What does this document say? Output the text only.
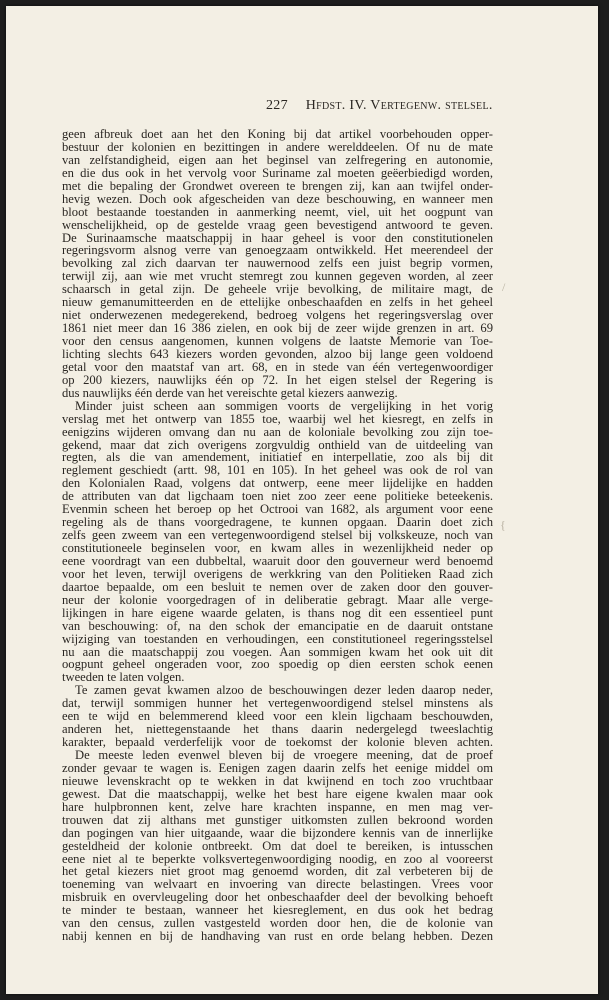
227 Hfdst. IV. Vertegenw. stelsel.
geen afbreuk doet aan het den Koning bij dat artikel voorbehouden opper-
bestuur der kolonien en bezittingen in andere werelddeelen. Of nu de mate
van zelfstandigheid, eigen aan het beginsel van zelfregering en autonomie,
en die dus ook in het vervolg voor Suriname zal moeten geëerbiedigd worden,
met die bepaling der Grondwet overeen te brengen zij, kan aan twijfel onder-
hevig wezen. Doch ook afgescheiden van deze beschouwing, en wanneer men
bloot bestaande toestanden in aanmerking neemt, viel, uit het oogpunt van
wenschelijkheid, op de gestelde vraag geen bevestigend antwoord te geven.
De Surinaamsche maatschappij in haar geheel is voor den constitutionelen
regeringsvorm alsnog verre van genoegzaam ontwikkeld. Het meerendeel der
bevolking zal zich daarvan ter nauwernood zelfs een juist begrip vormen,
terwijl zij, aan wie met vrucht stemregt zou kunnen gegeven worden, al zeer
schaarsch in getal zijn. De geheele vrije bevolking, de militaire magt, de
nieuw gemanumitteerden en de ettelijke onbeschaafden en zelfs in het geheel
niet onderwezenen medegerekend, bedroeg volgens het regeringsverslag over
1861 niet meer dan 16 386 zielen, en ook bij de zeer wijde grenzen in art. 69
voor den census aangenomen, kunnen volgens de laatste Memorie van Toe-
lichting slechts 643 kiezers worden gevonden, alzoo bij lange geen voldoend
getal voor den maatstaf van art. 68, en in stede van één vertegenwoordiger
op 200 kiezers, nauwlijks één op 72. In het eigen stelsel der Regering is
dus nauwlijks één derde van het vereischte getal kiezers aanwezig.
Minder juist scheen aan sommigen voorts de vergelijking in het vorig
verslag met het ontwerp van 1855 toe, waarbij wel het kiesregt, en zelfs in
eenigzins wijderen omvang dan nu aan de koloniale bevolking zou zijn toe-
gekend, maar dat zich overigens zorgvuldig onthield van de uitdeeling van
regten, als die van amendement, initiatief en interpellatie, zoo als bij dit
reglement geschiedt (artt. 98, 101 en 105). In het geheel was ook de rol van
den Kolonialen Raad, volgens dat ontwerp, eene meer lijdelijke en hadden
de attributen van dat ligchaam toen niet zoo zeer eene politieke beteekenis.
Evenmin scheen het beroep op het Octrooi van 1682, als argument voor eene
regeling als de thans voorgedragene, te kunnen opgaan. Daarin doet zich
zelfs geen zweem van een vertegenwoordigend stelsel bij volkskeuze, noch van
constitutioneele beginselen voor, en kwam alles in wezenlijkheid neder op
eene voordragt van een dubbeltal, waaruit door den gouverneur werd benoemd
voor het leven, terwijl overigens de werkkring van den Politieken Raad zich
daartoe bepaalde, om een besluit te nemen over de zaken door den gouver-
neur der kolonie voorgedragen of in deliberatie gebragt. Maar alle verge-
lijkingen in hare eigene waarde gelaten, is thans nog dit een essentieel punt
van beschouwing: of, na den schok der emancipatie en de daaruit ontstane
wijziging van toestanden en verhoudingen, een constitutioneel regeringsstelsel
nu aan die maatschappij zou voegen. Aan sommigen kwam het ook uit dit
oogpunt geheel ongeraden voor, zoo spoedig op dien eersten schok eenen
tweeden te laten volgen.
Te zamen gevat kwamen alzoo de beschouwingen dezer leden daarop neder,
dat, terwijl sommigen hunner het vertegenwoordigend stelsel minstens als
een te wijd en belemmerend kleed voor een klein ligchaam beschouwden,
anderen het, niettegenstaande het thans daarin nedergelegd tweeslachtig
karakter, bepaald verderfelijk voor de toekomst der kolonie bleven achten.
De meeste leden evenwel bleven bij de vroegere meening, dat de proef
zonder gevaar te wagen is. Eenigen zagen daarin zelfs het eenige middel om
nieuwe levenskracht op te wekken in dat kwijnend en toch zoo vruchtbaar
gewest. Dat die maatschappij, welke het best hare eigene kwalen maar ook
hare hulpbronnen kent, zelve hare krachten inspanne, en men mag ver-
trouwen dat zij althans met gunstiger uitkomsten zullen bekroond worden
dan pogingen van hier uitgaande, waar die bijzondere kennis van de innerlijke
gesteldheid der kolonie ontbreekt. Om dat doel te bereiken, is intusschen
eene niet al te beperkte volksvertegenwoordiging noodig, en zoo al vooreerst
het getal kiezers niet groot mag genoemd worden, dit zal verbeteren bij de
toeneming van welvaart en invoering van directe belastingen. Vrees voor
misbruik en overvleugeling door het onbeschaafder deel der bevolking behoeft
te minder te bestaan, wanneer het kiesreglement, en dus ook het bedrag
van den census, zullen vastgesteld worden door hen, die de kolonie van
nabij kennen en bij de handhaving van rust en orde belang hebben. Dezen
/
{
